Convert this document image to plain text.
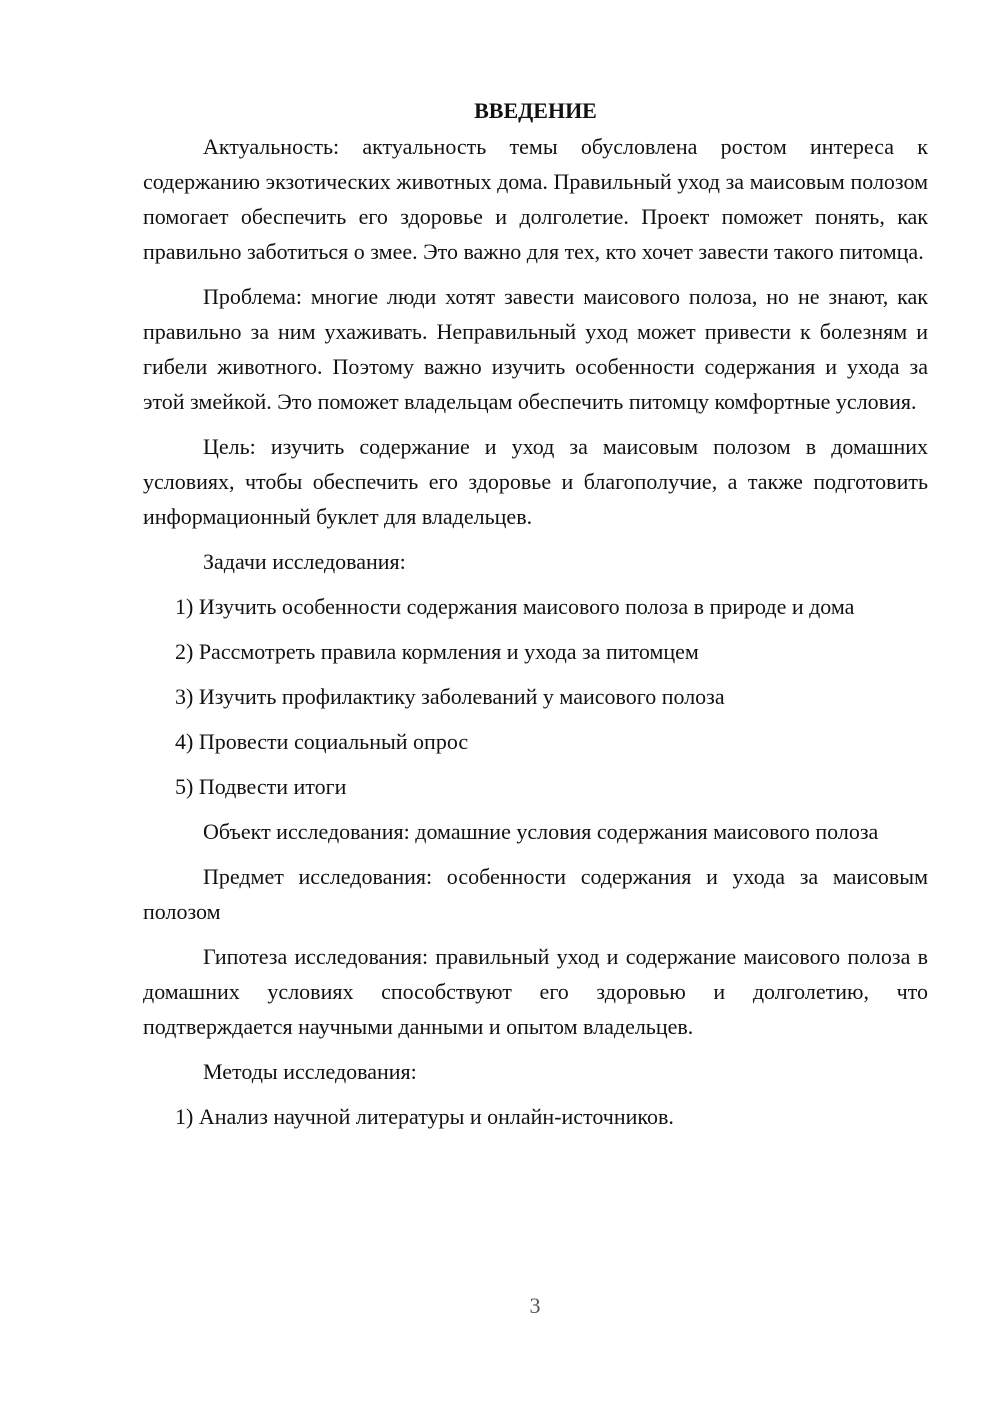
ВВЕДЕНИЕ

Актуальность: актуальность темы обусловлена ростом интереса к содержанию экзотических животных дома. Правильный уход за маисовым полозом помогает обеспечить его здоровье и долголетие. Проект поможет понять, как правильно заботиться о змее. Это важно для тех, кто хочет завести такого питомца.

Проблема: многие люди хотят завести маисового полоза, но не знают, как правильно за ним ухаживать. Неправильный уход может привести к болезням и гибели животного. Поэтому важно изучить особенности содержания и ухода за этой змейкой. Это поможет владельцам обеспечить питомцу комфортные условия.

Цель: изучить содержание и уход за маисовым полозом в домашних условиях, чтобы обеспечить его здоровье и благополучие, а также подготовить информационный буклет для владельцев.

Задачи исследования:

1) Изучить особенности содержания маисового полоза в природе и дома

2) Рассмотреть правила кормления и ухода за питомцем

3) Изучить профилактику заболеваний у маисового полоза

4) Провести социальный опрос

5) Подвести итоги

Объект исследования: домашние условия содержания маисового полоза

Предмет исследования: особенности содержания и ухода за маисовым полозом

Гипотеза исследования: правильный уход и содержание маисового полоза в домашних условиях способствуют его здоровью и долголетию, что подтверждается научными данными и опытом владельцев.

Методы исследования:

1) Анализ научной литературы и онлайн-источников.

3
